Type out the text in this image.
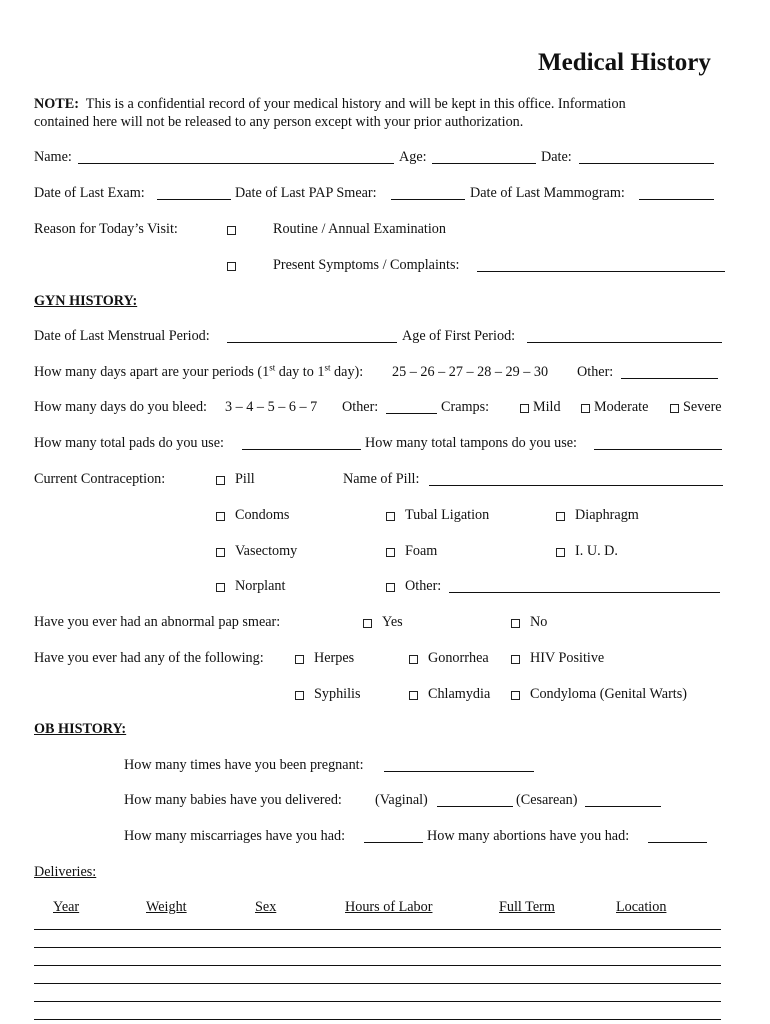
Medical History
NOTE: This is a confidential record of your medical history and will be kept in this office. Information
contained here will not be released to any person except with your prior authorization.
Name:	Age:	Date:
Date of Last Exam:	Date of Last PAP Smear:	Date of Last Mammogram:
Reason for Today’s Visit:	Routine / Annual Examination
Present Symptoms / Complaints:
GYN HISTORY:
Date of Last Menstrual Period:	Age of First Period:
How many days apart are your periods (1st day to 1st day): 25 – 26 – 27 – 28 – 29 – 30 Other:
How many days do you bleed: 3 – 4 – 5 – 6 – 7 Other:	Cramps:	Mild Moderate Severe
How many total pads do you use:	How many total tampons do you use:
Current Contraception:	Pill	Name of Pill:
Condoms	Tubal Ligation	Diaphragm
Vasectomy	Foam	I. U. D.
Norplant	Other:
Have you ever had an abnormal pap smear:	Yes	No
Have you ever had any of the following:	Herpes	Gonorrhea	HIV Positive
Syphilis	Chlamydia	Condyloma (Genital Warts)
OB HISTORY:
How many times have you been pregnant:
How many babies have you delivered: (Vaginal)	(Cesarean)
How many miscarriages have you had:	How many abortions have you had:
Deliveries:
Year	Weight	Sex	Hours of Labor	Full Term	Location
